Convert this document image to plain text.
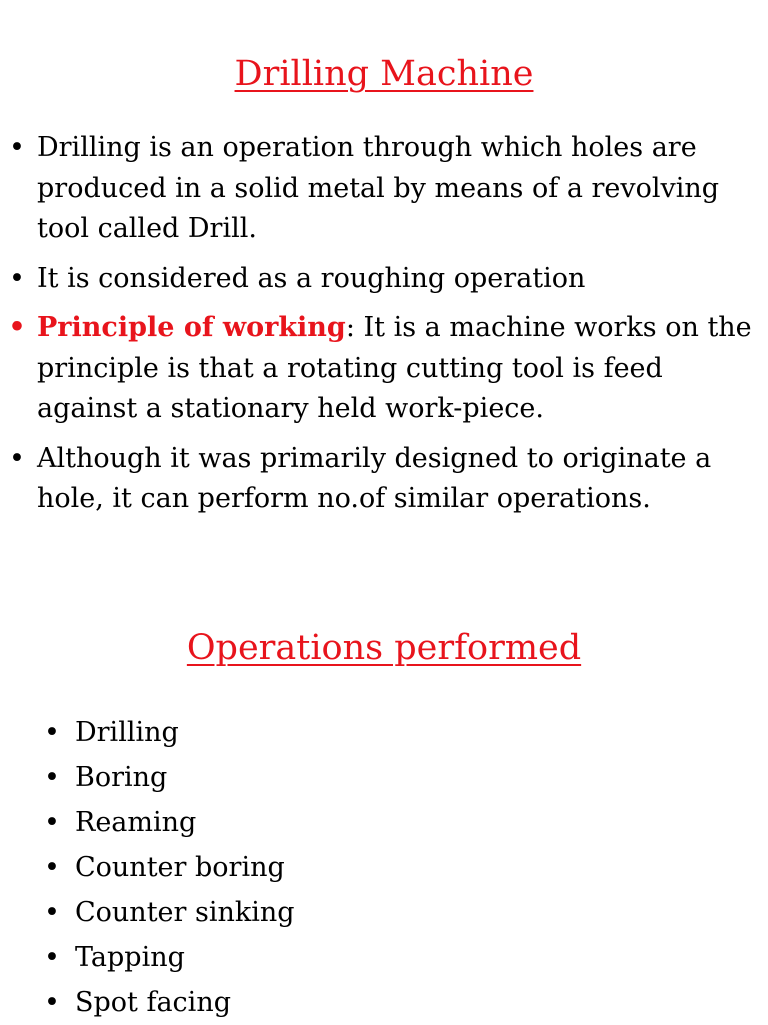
Drilling Machine
• Drilling is an operation through which holes are produced in a solid metal by means of a revolving tool called Drill.
• It is considered as a roughing operation
• Principle of working: It is a machine works on the principle is that a rotating cutting tool is feed against a stationary held work-piece.
• Although it was primarily designed to originate a hole, it can perform no.of similar operations.
Operations performed
• Drilling
• Boring
• Reaming
• Counter boring
• Counter sinking
• Tapping
• Spot facing
